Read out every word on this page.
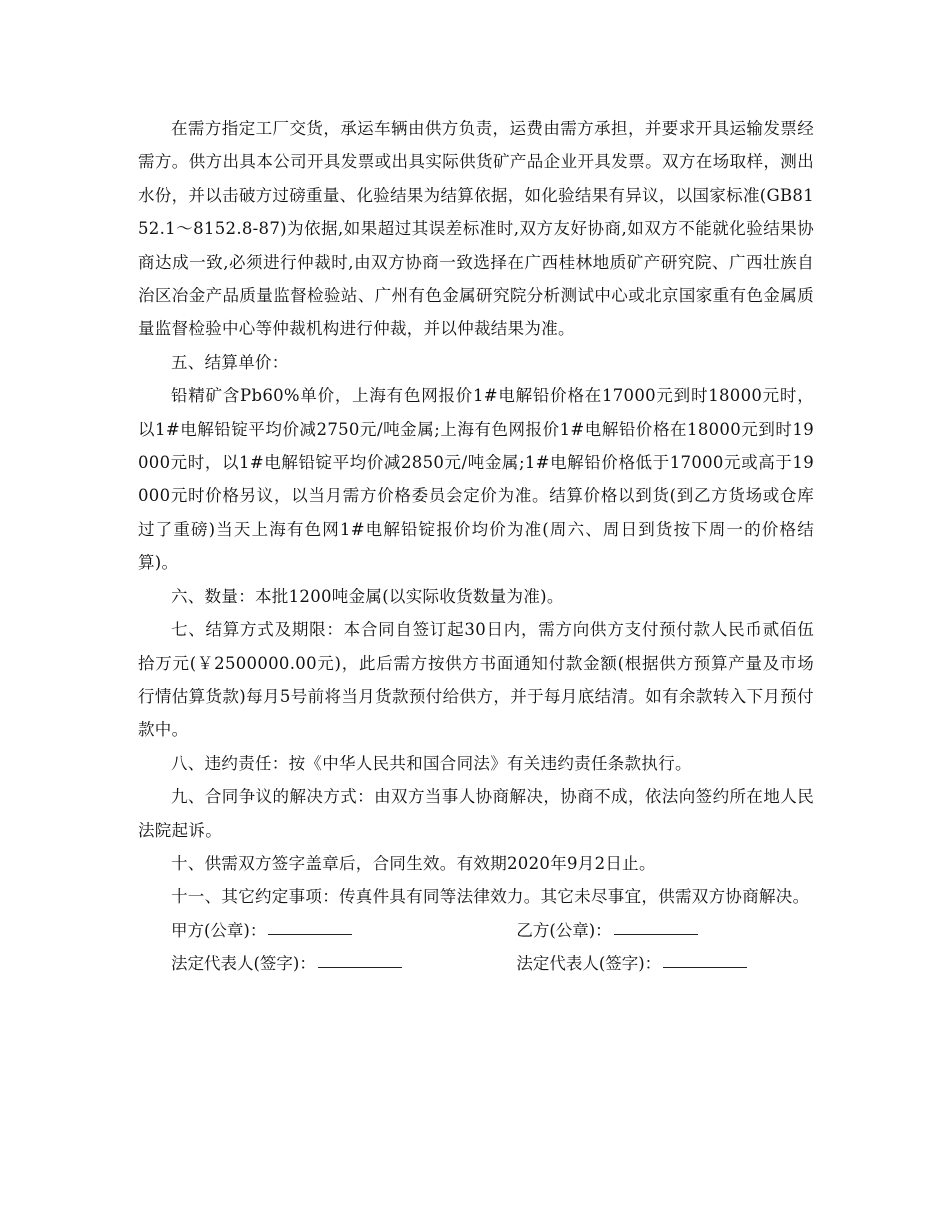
在需方指定工厂交货，承运车辆由供方负责，运费由需方承担，并要求开具运输发票经需方。供方出具本公司开具发票或出具实际供货矿产品企业开具发票。双方在场取样，测出水份，并以击破方过磅重量、化验结果为结算依据，如化验结果有异议，以国家标准(GB8152.1～8152.8-87)为依据,如果超过其误差标准时,双方友好协商,如双方不能就化验结果协商达成一致,必须进行仲裁时,由双方协商一致选择在广西桂林地质矿产研究院、广西壮族自治区冶金产品质量监督检验站、广州有色金属研究院分析测试中心或北京国家重有色金属质量监督检验中心等仲裁机构进行仲裁，并以仲裁结果为准。

五、结算单价：

铅精矿含Pb60%单价，上海有色网报价1#电解铅价格在17000元到时18000元时，以1#电解铅锭平均价减2750元/吨金属;上海有色网报价1#电解铅价格在18000元到时19000元时，以1#电解铅锭平均价减2850元/吨金属;1#电解铅价格低于17000元或高于19000元时价格另议，以当月需方价格委员会定价为准。结算价格以到货(到乙方货场或仓库过了重磅)当天上海有色网1#电解铅锭报价均价为准(周六、周日到货按下周一的价格结算)。

六、数量：本批1200吨金属(以实际收货数量为准)。

七、结算方式及期限：本合同自签订起30日内，需方向供方支付预付款人民币贰佰伍拾万元(￥2500000.00元)，此后需方按供方书面通知付款金额(根据供方预算产量及市场行情估算货款)每月5号前将当月货款预付给供方，并于每月底结清。如有余款转入下月预付款中。

八、违约责任：按《中华人民共和国合同法》有关违约责任条款执行。

九、合同争议的解决方式：由双方当事人协商解决，协商不成，依法向签约所在地人民法院起诉。

十、供需双方签字盖章后，合同生效。有效期2020年9月2日止。

十一、其它约定事项：传真件具有同等法律效力。其它未尽事宜，供需双方协商解决。

甲方(公章)：	乙方(公章)：
法定代表人(签字)：	法定代表人(签字)：
